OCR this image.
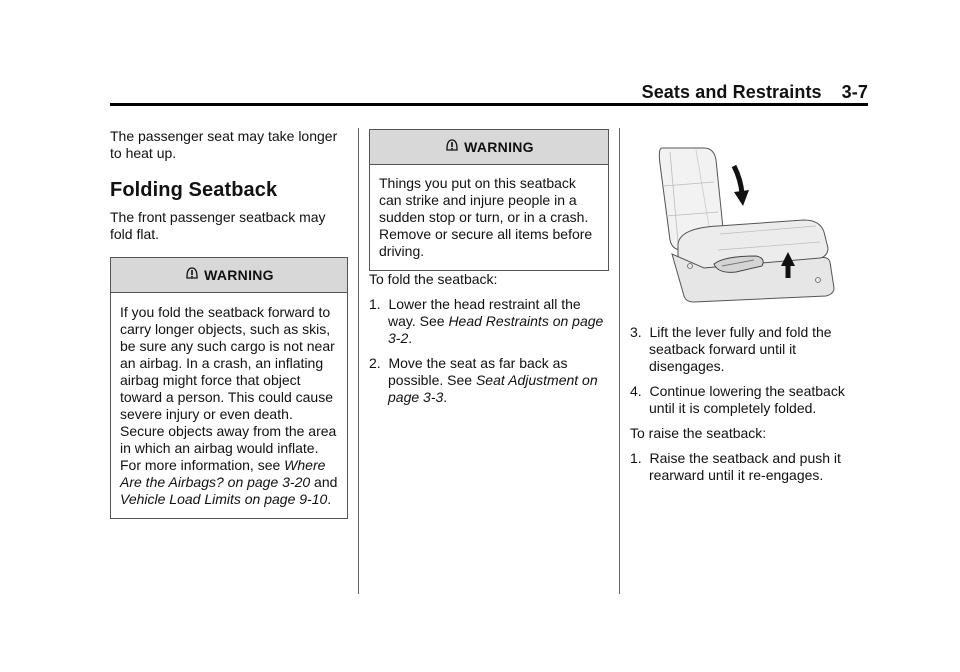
Seats and Restraints 3-7

The passenger seat may take longer to heat up.

Folding Seatback

The front passenger seatback may fold flat.

WARNING
If you fold the seatback forward to carry longer objects, such as skis, be sure any such cargo is not near an airbag. In a crash, an inflating airbag might force that object toward a person. This could cause severe injury or even death. Secure objects away from the area in which an airbag would inflate. For more information, see Where Are the Airbags? on page 3-20 and Vehicle Load Limits on page 9-10.
WARNING
Things you put on this seatback can strike and injure people in a sudden stop or turn, or in a crash. Remove or secure all items before driving.

To fold the seatback:

1. Lower the head restraint all the way. See Head Restraints on page 3-2.
2. Move the seat as far back as possible. See Seat Adjustment on page 3-3.
3. Lift the lever fully and fold the seatback forward until it disengages.
4. Continue lowering the seatback until it is completely folded.

To raise the seatback:

1. Raise the seatback and push it rearward until it re-engages.
